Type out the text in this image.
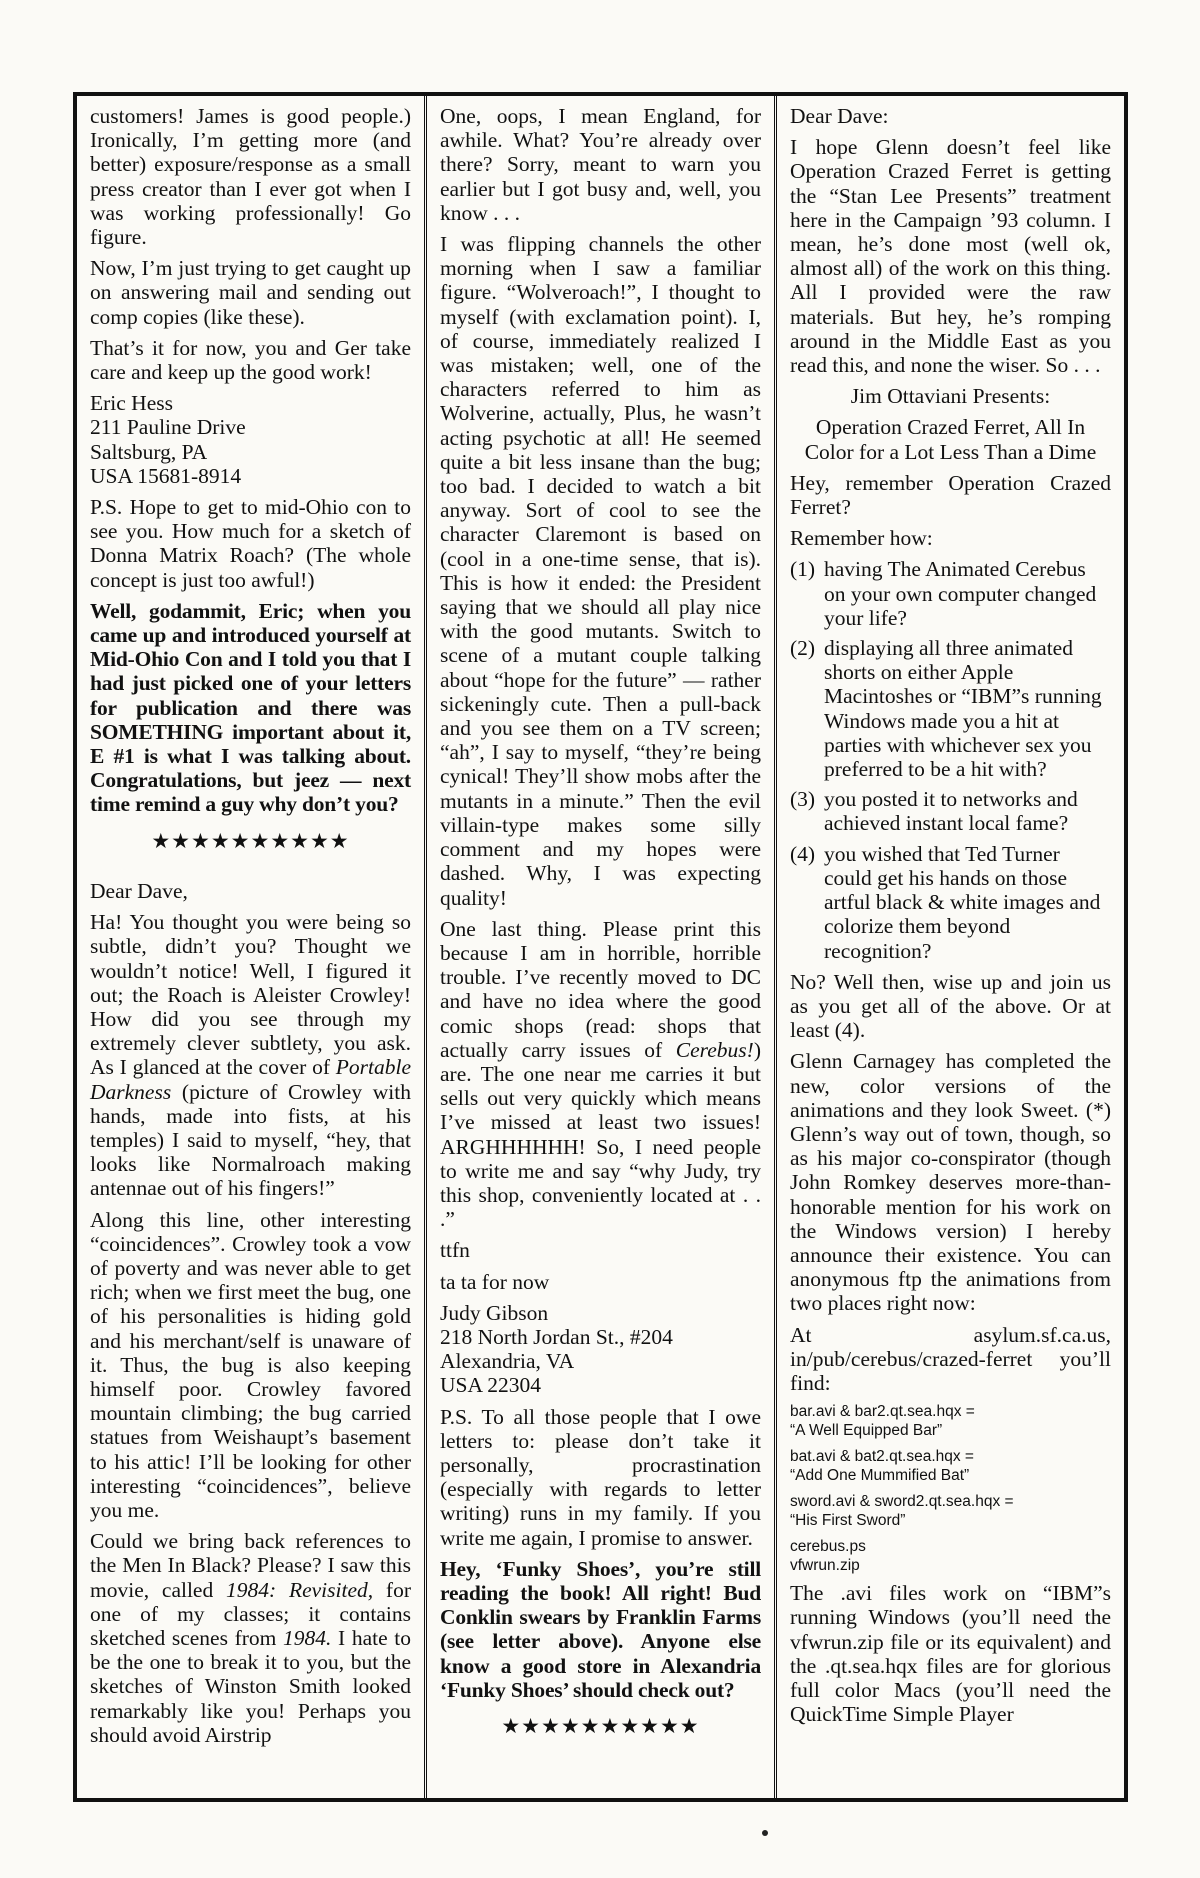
customers! James is good people.) Ironically, I’m getting more (and better) exposure/response as a small press creator than I ever got when I was working professionally! Go figure.

Now, I’m just trying to get caught up on answering mail and sending out comp copies (like these).

That’s it for now, you and Ger take care and keep up the good work!

Eric Hess

211 Pauline Drive

Saltsburg, PA

USA 15681-8914

P.S. Hope to get to mid-Ohio con to see you. How much for a sketch of Donna Matrix Roach? (The whole concept is just too awful!)

Well, godammit, Eric; when you came up and introduced yourself at Mid-Ohio Con and I told you that I had just picked one of your letters for publication and there was SOMETHING important about it, E #1 is what I was talking about. Congratulations, but jeez — next time remind a guy why don’t you?

★★★★★★★★★★

Dear Dave,

Ha! You thought you were being so subtle, didn’t you? Thought we wouldn’t notice! Well, I figured it out; the Roach is Aleister Crowley! How did you see through my extremely clever subtlety, you ask. As I glanced at the cover of Portable Darkness (picture of Crowley with hands, made into fists, at his temples) I said to myself, “hey, that looks like Normalroach making antennae out of his fingers!”

Along this line, other interesting “coincidences”. Crowley took a vow of poverty and was never able to get rich; when we first meet the bug, one of his personalities is hiding gold and his merchant/self is unaware of it. Thus, the bug is also keeping himself poor. Crowley favored mountain climbing; the bug carried statues from Weishaupt’s basement to his attic! I’ll be looking for other interesting “coincidences”, believe you me.

Could we bring back references to the Men In Black? Please? I saw this movie, called 1984: Revisited, for one of my classes; it contains sketched scenes from 1984. I hate to be the one to break it to you, but the sketches of Winston Smith looked remarkably like you! Perhaps you should avoid Airstrip

One, oops, I mean England, for awhile. What? You’re already over there? Sorry, meant to warn you earlier but I got busy and, well, you know . . .

I was flipping channels the other morning when I saw a familiar figure. “Wolveroach!”, I thought to myself (with exclamation point). I, of course, immediately realized I was mistaken; well, one of the characters referred to him as Wolverine, actually, Plus, he wasn’t acting psychotic at all! He seemed quite a bit less insane than the bug; too bad. I decided to watch a bit anyway. Sort of cool to see the character Claremont is based on (cool in a one-time sense, that is). This is how it ended: the President saying that we should all play nice with the good mutants. Switch to scene of a mutant couple talking about “hope for the future” — rather sickeningly cute. Then a pull-back and you see them on a TV screen; “ah”, I say to myself, “they’re being cynical! They’ll show mobs after the mutants in a minute.” Then the evil villain-type makes some silly comment and my hopes were dashed. Why, I was expecting quality!

One last thing. Please print this because I am in horrible, horrible trouble. I’ve recently moved to DC and have no idea where the good comic shops (read: shops that actually carry issues of Cerebus!) are. The one near me carries it but sells out very quickly which means I’ve missed at least two issues! ARGHHHHHH! So, I need people to write me and say “why Judy, try this shop, conveniently located at . . .”

ttfn

ta ta for now

Judy Gibson

218 North Jordan St., #204

Alexandria, VA

USA 22304

P.S. To all those people that I owe letters to: please don’t take it personally, procrastination (especially with regards to letter writing) runs in my family. If you write me again, I promise to answer.

Hey, ‘Funky Shoes’, you’re still reading the book! All right! Bud Conklin swears by Franklin Farms (see letter above). Anyone else know a good store in Alexandria ‘Funky Shoes’ should check out?

★★★★★★★★★★

Dear Dave:

I hope Glenn doesn’t feel like Operation Crazed Ferret is getting the “Stan Lee Presents” treatment here in the Campaign ’93 column. I mean, he’s done most (well ok, almost all) of the work on this thing. All I provided were the raw materials. But hey, he’s romping around in the Middle East as you read this, and none the wiser. So . . .

Jim Ottaviani Presents:

Operation Crazed Ferret, All In Color for a Lot Less Than a Dime

Hey, remember Operation Crazed Ferret?

Remember how:

(1) having The Animated Cerebus on your own computer changed your life?
(2) displaying all three animated shorts on either Apple Macintoshes or “IBM”s running Windows made you a hit at parties with whichever sex you preferred to be a hit with?
(3) you posted it to networks and achieved instant local fame?
(4) you wished that Ted Turner could get his hands on those artful black & white images and colorize them beyond recognition?

No? Well then, wise up and join us as you get all of the above. Or at least (4).

Glenn Carnagey has completed the new, color versions of the animations and they look Sweet. (*) Glenn’s way out of town, though, so as his major co-conspirator (though John Romkey deserves more-than-honorable mention for his work on the Windows version) I hereby announce their existence. You can anonymous ftp the animations from two places right now:

At asylum.sf.ca.us, in/pub/cerebus/crazed-ferret you’ll find:

bar.avi & bar2.qt.sea.hqx =
“A Well Equipped Bar”
bat.avi & bat2.qt.sea.hqx =
“Add One Mummified Bat”
sword.avi & sword2.qt.sea.hqx =
“His First Sword”
cerebus.ps
vfwrun.zip

The .avi files work on “IBM”s running Windows (you’ll need the vfwrun.zip file or its equivalent) and the .qt.sea.hqx files are for glorious full color Macs (you’ll need the QuickTime Simple Player
